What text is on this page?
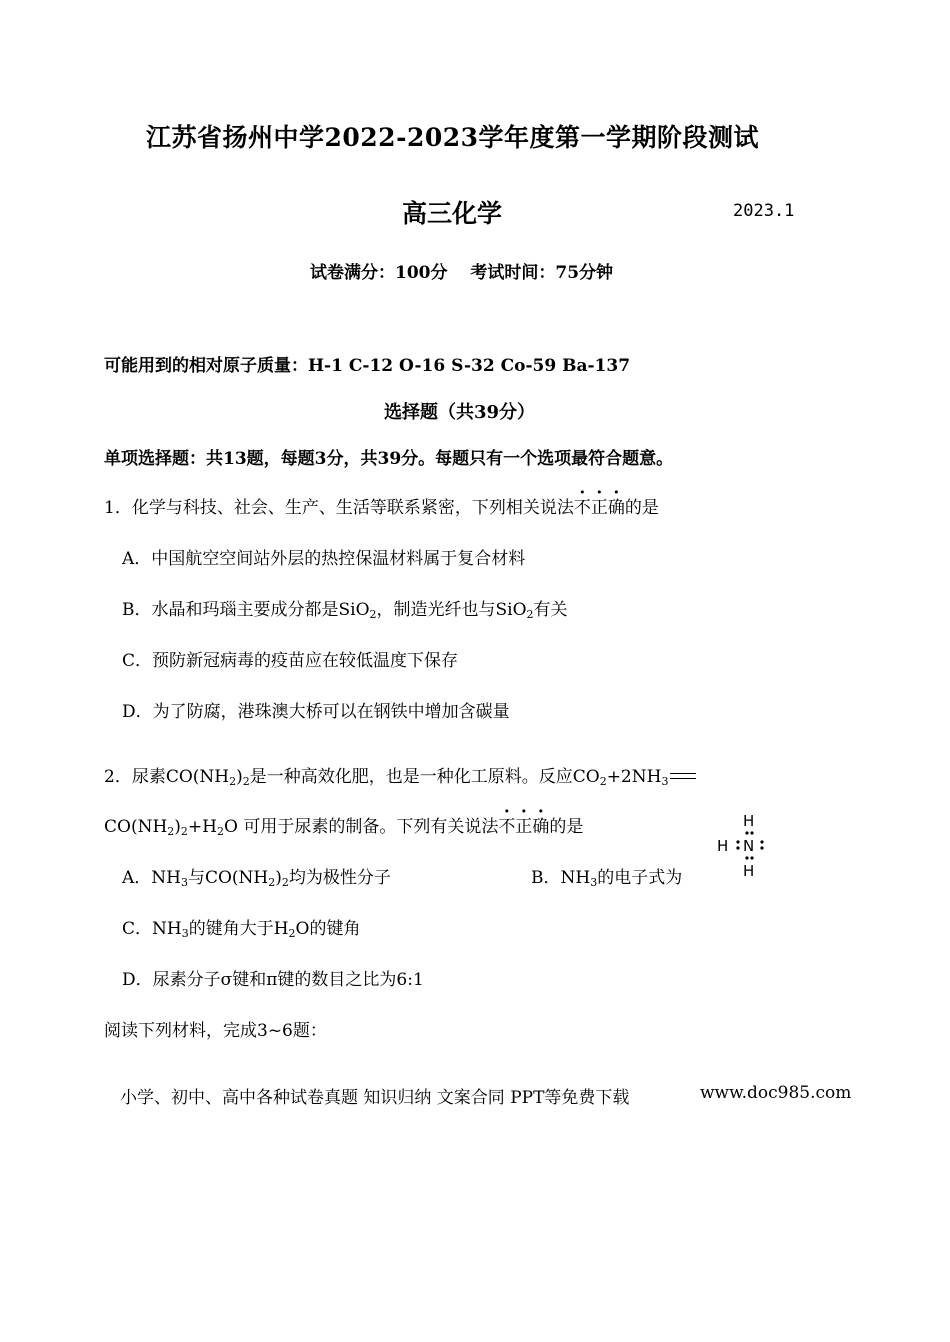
江苏省扬州中学2022-2023学年度第一学期阶段测试
高三化学	2023.1
试卷满分：100分　 考试时间：75分钟
可能用到的相对原子质量：H-1 C-12 O-16 S-32 Co-59 Ba-137
选择题（共39分）
单项选择题：共13题，每题3分，共39分。每题只有一个选项最符合题意。
1．化学与科技、社会、生产、生活等联系紧密，下列相关说法不正确的是
A．中国航空空间站外层的热控保温材料属于复合材料
B．水晶和玛瑙主要成分都是SiO$_2$，制造光纤也与SiO$_2$有关
C．预防新冠病毒的疫苗应在较低温度下保存
D．为了防腐，港珠澳大桥可以在钢铁中增加含碳量
2．尿素$CO(NH_2)_2$是一种高效化肥，也是一种化工原料。反应$CO_2+2NH_3$
$CO(NH_2)_2+H_2O$ 可用于尿素的制备。下列有关说法不正确的是
A．$NH_3$与$CO(NH_2)_2$均为极性分子	B．$NH_3$的电子式为
H
H N
H
C．$NH_3$的键角大于$H_2O$的键角
D．尿素分子σ键和π键的数目之比为6:1
阅读下列材料，完成3~6题：
小学、初中、高中各种试卷真题 知识归纳 文案合同 PPT等免费下载	www.doc985.com
